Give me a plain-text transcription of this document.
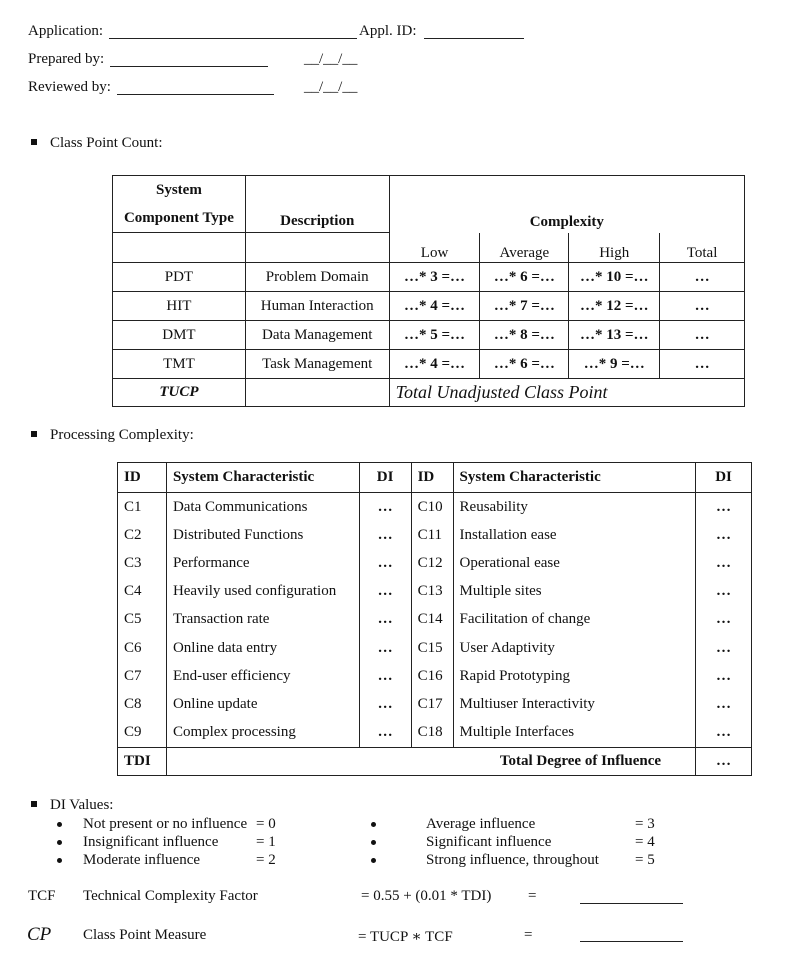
Application:	Appl. ID:
Prepared by:	__/__/__
Reviewed by:	__/__/__
Class Point Count:
System
Component Type	Description	Complexity			
		Low	Average	High	Total
PDT	Problem Domain	…* 3 =…	…* 6 =…	…* 10 =…	…
HIT	Human Interaction	…* 4 =…	…* 7 =…	…* 12 =…	…
DMT	Data Management	…* 5 =…	…* 8 =…	…* 13 =…	…
TMT	Task Management	…* 4 =…	…* 6 =…	…* 9 =…	…
TUCP		Total Unadjusted Class Point			
Processing Complexity:
ID	System Characteristic	DI	ID	System Characteristic	DI
C1	Data Communications	…	C10	Reusability	…
C2	Distributed Functions	…	C11	Installation ease	…
C3	Performance	…	C12	Operational ease	…
C4	Heavily used configuration	…	C13	Multiple sites	…
C5	Transaction rate	…	C14	Facilitation of change	…
C6	Online data entry	…	C15	User Adaptivity	…
C7	End-user efficiency	…	C16	Rapid Prototyping	…
C8	Online update	…	C17	Multiuser Interactivity	…
C9	Complex processing	…	C18	Multiple Interfaces	…
TDI	Total Degree of Influence				…
DI Values:
Not present or no influence = 0
Insignificant influence	= 1
Moderate influence	= 2
Average influence	= 3
Significant influence	= 4
Strong influence, throughout = 5
TCF Technical Complexity Factor	= 0.55 + (0.01 * TDI) =
CP Class Point Measure	= TUCP ∗ TCF	=
